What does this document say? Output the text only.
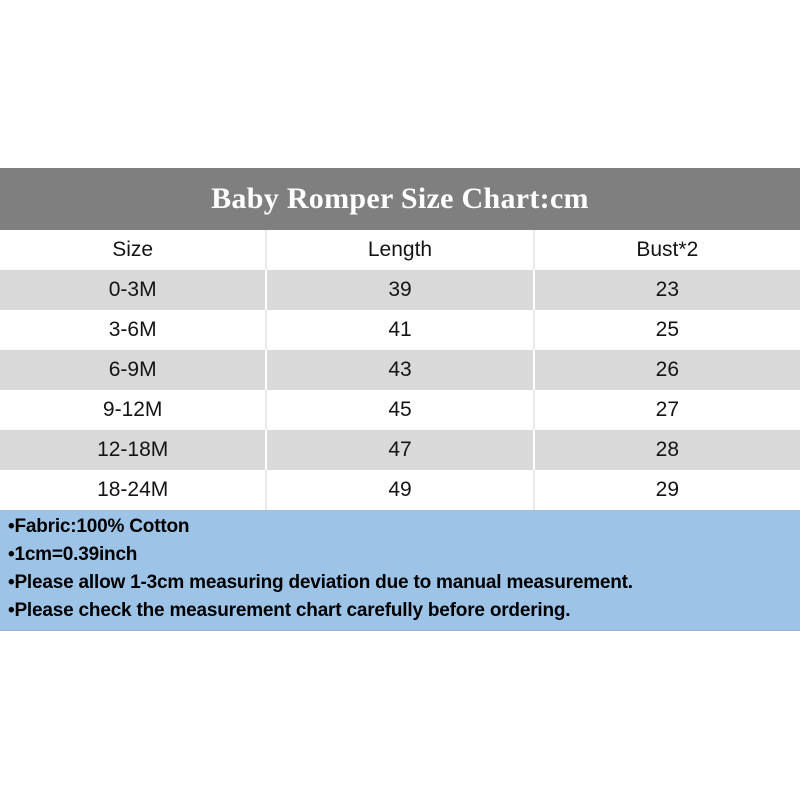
Baby Romper Size Chart:cm
Size	Length	Bust*2
0-3M	39	23
3-6M	41	25
6-9M	43	26
9-12M	45	27
12-18M	47	28
18-24M	49	29
•Fabric:100% Cotton
•1cm=0.39inch
•Please allow 1-3cm measuring deviation due to manual measurement.
•Please check the measurement chart carefully before ordering.
